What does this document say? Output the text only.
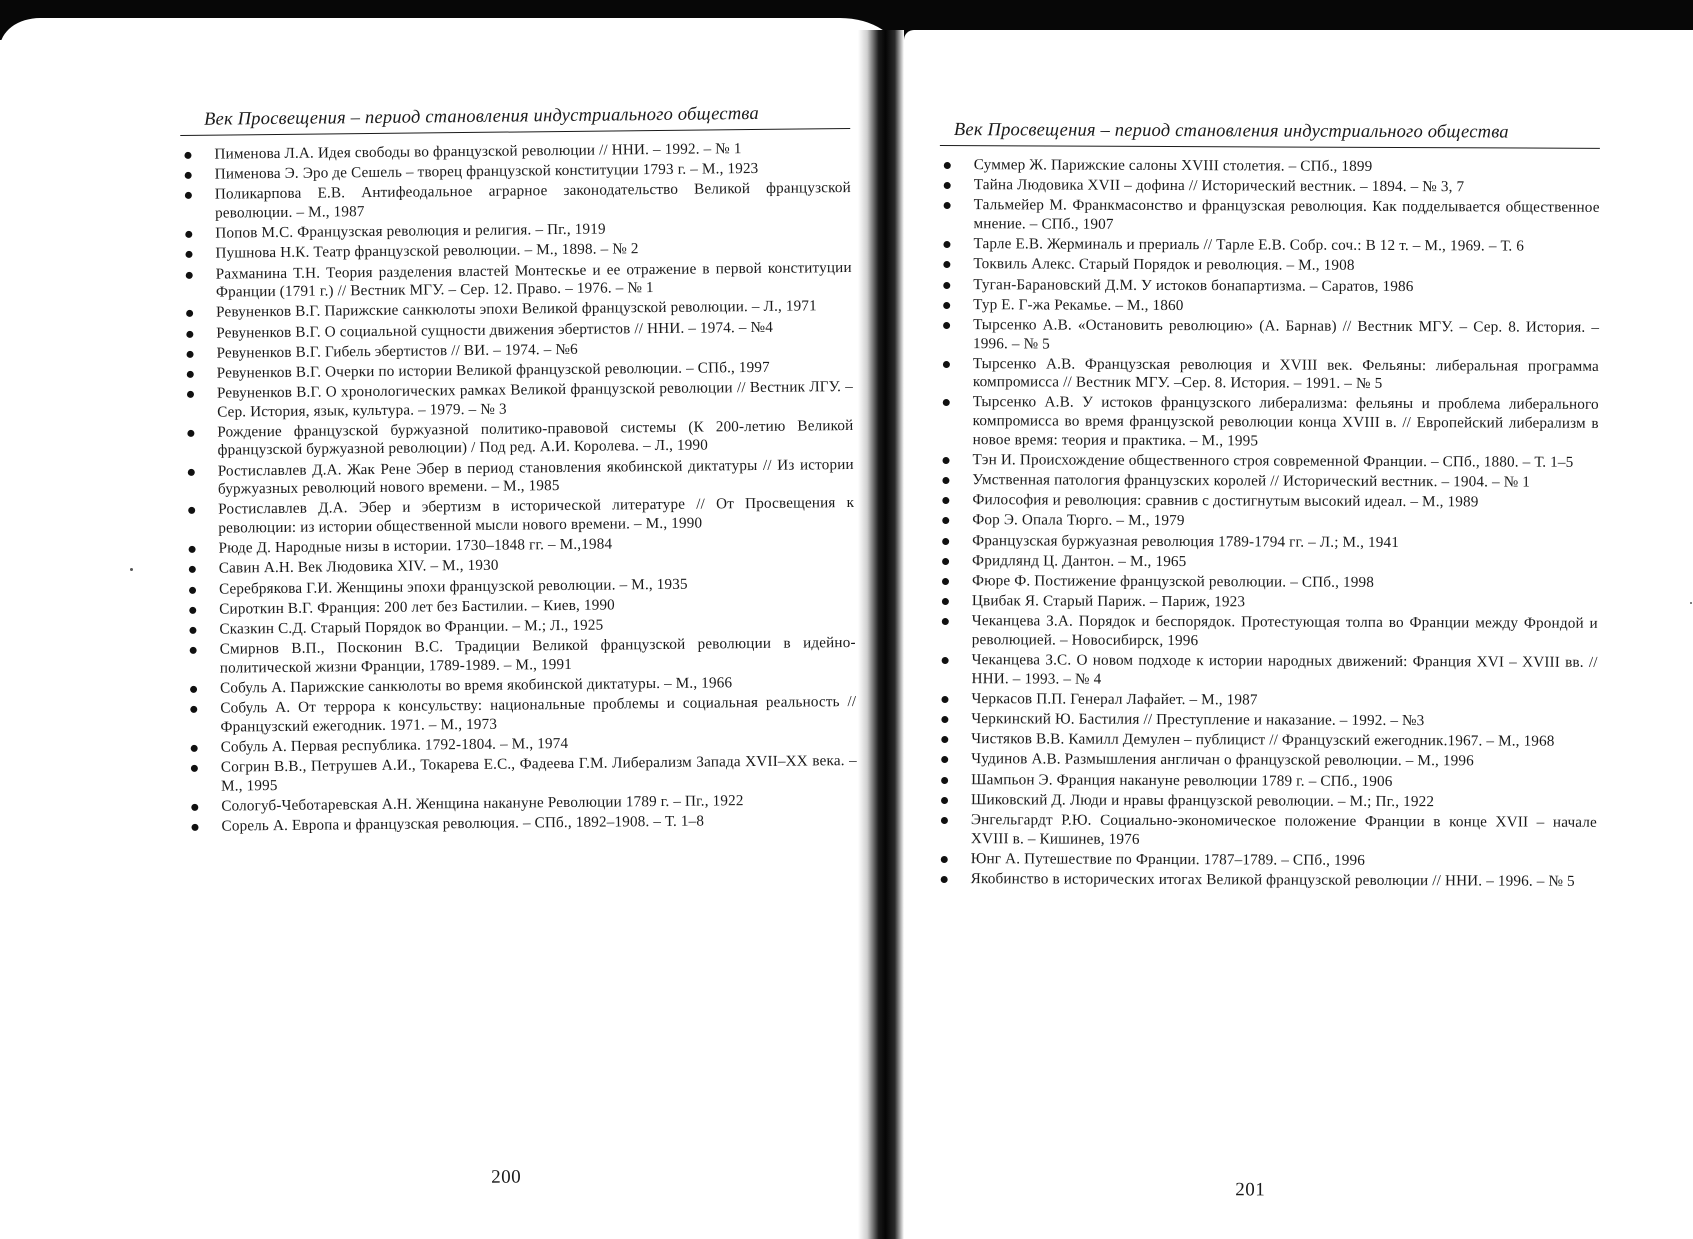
Век Просвещения – период становления индустриального общества
Пименова Л.А. Идея свободы во французской революции // ННИ. – 1992. – № 1
Пименова Э. Эро де Сешель – творец французской конституции 1793 г. – М., 1923
Поликарпова Е.В. Антифеодальное аграрное законодательство Великой французской революции. – М., 1987
Попов М.С. Французская революция и религия. – Пг., 1919
Пушнова Н.К. Театр французской революции. – М., 1898. – № 2
Рахманина Т.Н. Теория разделения властей Монтескье и ее отражение в первой конституции Франции (1791 г.) // Вестник МГУ. – Сер. 12. Право. – 1976. – № 1
Ревуненков В.Г. Парижские санкюлоты эпохи Великой французской революции. – Л., 1971
Ревуненков В.Г. О социальной сущности движения эбертистов // ННИ. – 1974. – №4
Ревуненков В.Г. Гибель эбертистов // ВИ. – 1974. – №6
Ревуненков В.Г. Очерки по истории Великой французской революции. – СПб., 1997
Ревуненков В.Г. О хронологических рамках Великой французской революции // Вестник ЛГУ. – Сер. История, язык, культура. – 1979. – № 3
Рождение французской буржуазной политико-правовой системы (К 200-летию Великой французской буржуазной революции) / Под ред. А.И. Королева. – Л., 1990
Ростиславлев Д.А. Жак Рене Эбер в период становления якобинской диктатуры // Из истории буржуазных революций нового времени. – М., 1985
Ростиславлев Д.А. Эбер и эбертизм в исторической литературе // От Просвещения к революции: из истории общественной мысли нового времени. – М., 1990
Рюде Д. Народные низы в истории. 1730–1848 гг. – М.,1984
Савин А.Н. Век Людовика XIV. – М., 1930
Серебрякова Г.И. Женщины эпохи французской революции. – М., 1935
Сироткин В.Г. Франция: 200 лет без Бастилии. – Киев, 1990
Сказкин С.Д. Старый Порядок во Франции. – М.; Л., 1925
Смирнов В.П., Посконин В.С. Традиции Великой французской революции в идейно-политической жизни Франции, 1789-1989. – М., 1991
Собуль А. Парижские санкюлоты во время якобинской диктатуры. – М., 1966
Собуль А. От террора к консульству: национальные проблемы и социальная реальность // Французский ежегодник. 1971. – М., 1973
Собуль А. Первая республика. 1792-1804. – М., 1974
Согрин В.В., Петрушев А.И., Токарева Е.С., Фадеева Г.М. Либерализм Запада XVII–XX века. – М., 1995
Сологуб-Чеботаревская А.Н. Женщина накануне Революции 1789 г. – Пг., 1922
Сорель А. Европа и французская революция. – СПб., 1892–1908. – Т. 1–8
200
Век Просвещения – период становления индустриального общества
Суммер Ж. Парижские салоны XVIII столетия. – СПб., 1899
Тайна Людовика XVII – дофина // Исторический вестник. – 1894. – № 3, 7
Тальмейер М. Франкмасонство и французская революция. Как подделывается общественное мнение. – СПб., 1907
Тарле Е.В. Жерминаль и прериаль // Тарле Е.В. Собр. соч.: В 12 т. – М., 1969. – Т. 6
Токвиль Алекс. Старый Порядок и революция. – М., 1908
Туган-Барановский Д.М. У истоков бонапартизма. – Саратов, 1986
Тур Е. Г-жа Рекамье. – М., 1860
Тырсенко А.В. «Остановить революцию» (А. Барнав) // Вестник МГУ. – Сер. 8. История. – 1996. – № 5
Тырсенко А.В. Французская революция и XVIII век. Фельяны: либеральная программа компромисса // Вестник МГУ. –Сер. 8. История. – 1991. – № 5
Тырсенко А.В. У истоков французского либерализма: фельяны и проблема либерального компромисса во время французской революции конца XVIII в. // Европейский либерализм в новое время: теория и практика. – М., 1995
Тэн И. Происхождение общественного строя современной Франции. – СПб., 1880. – Т. 1–5
Умственная патология французских королей // Исторический вестник. – 1904. – № 1
Философия и революция: сравнив с достигнутым высокий идеал. – М., 1989
Фор Э. Опала Тюрго. – М., 1979
Французская буржуазная революция 1789-1794 гг. – Л.; М., 1941
Фридлянд Ц. Дантон. – М., 1965
Фюре Ф. Постижение французской революции. – СПб., 1998
Цвибак Я. Старый Париж. – Париж, 1923
Чеканцева З.А. Порядок и беспорядок. Протестующая толпа во Франции между Фрондой и революцией. – Новосибирск, 1996
Чеканцева З.С. О новом подходе к истории народных движений: Франция XVI – XVIII вв. // ННИ. – 1993. – № 4
Черкасов П.П. Генерал Лафайет. – М., 1987
Черкинский Ю. Бастилия // Преступление и наказание. – 1992. – №3
Чистяков В.В. Камилл Демулен – публицист // Французский ежегодник.1967. – М., 1968
Чудинов А.В. Размышления англичан о французской революции. – М., 1996
Шампьон Э. Франция накануне революции 1789 г. – СПб., 1906
Шиковский Д. Люди и нравы французской революции. – М.; Пг., 1922
Энгельгардт Р.Ю. Социально-экономическое положение Франции в конце XVII – начале XVIII в. – Кишинев, 1976
Юнг А. Путешествие по Франции. 1787–1789. – СПб., 1996
Якобинство в исторических итогах Великой французской революции // ННИ. – 1996. – № 5
201
